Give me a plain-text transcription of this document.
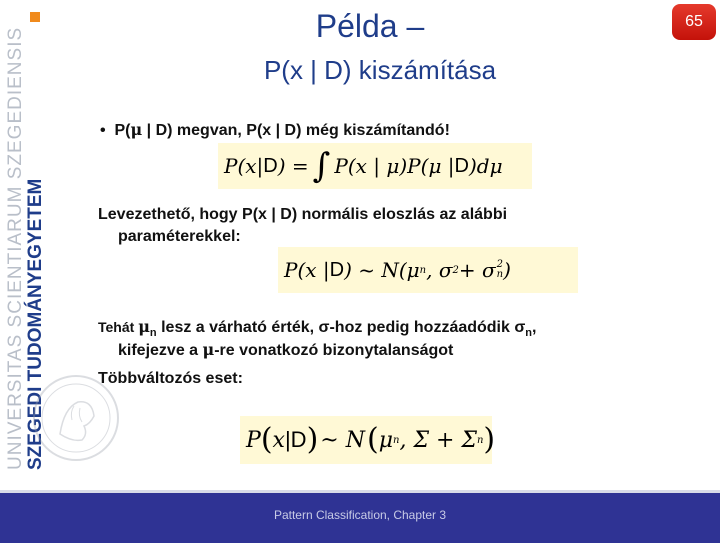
UNIVERSITAS SCIENTIARUM SZEGEDIENSIS SZEGEDI TUDOMÁNYEGYETEM
65
Példa –
P(x | D) kiszámítása
•  P(μ | D) megvan, P(x | D) még kiszámítandó!
P( x | D ) = ∫ P(x | μ)P(μ | D )dμ
Levezethető, hogy P(x | D) normális eloszlás az alábbi
paraméterekkel:
P(x | D ) ~ N( μ n , σ 2 + σ 2
n )
Tehát $\mu_n$ lesz a várható érték, σ-hoz pedig hozzáadódik $\sigma_n$,
kifejezve a μ-re vonatkozó bizonytalanságot
Többváltozós eset:
P ( x | D ) ~ N ( μ n , Σ + Σ n )
Pattern Classification, Chapter 3
